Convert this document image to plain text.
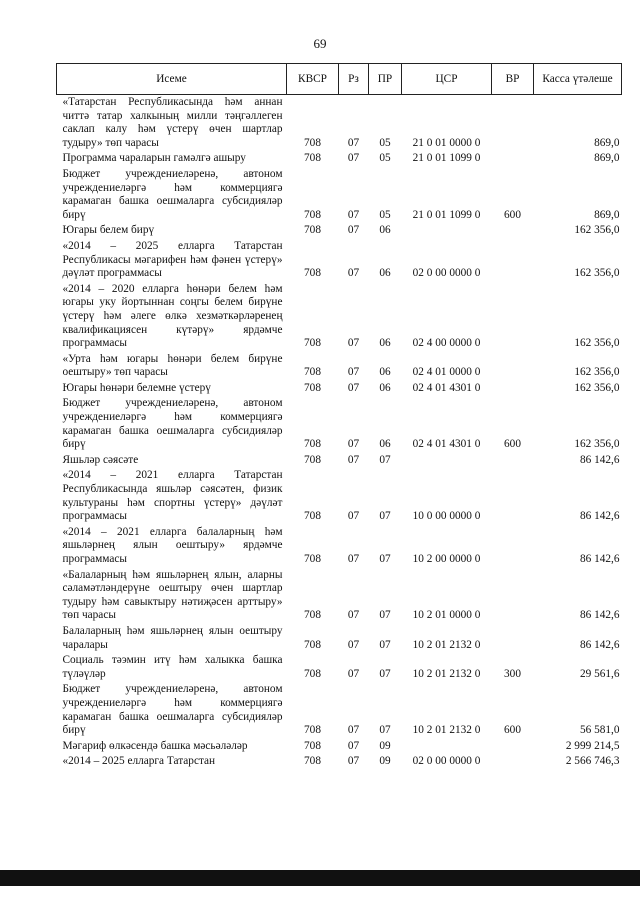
69
Исеме	КВСР	Рз	ПР	ЦСР	ВР	Касса үтәлеше
«Татарстан Республикасында һәм аннан читтә татар халкының милли тәңгәллеген саклап калу һәм үстерү өчен шартлар тудыру» төп чарасы	708	07	05	21 0 01 0000 0		869,0
Программа чараларын гамәлгә ашыру	708	07	05	21 0 01 1099 0		869,0
Бюджет учреждениеләренә, автоном учреждениеләргә һәм коммерциягә карамаган башка оешмаларга субсидияләр бирү	708	07	05	21 0 01 1099 0	600	869,0
Югары белем бирү	708	07	06			162 356,0
«2014 – 2025 елларга Татарстан Республикасы мәгарифен һәм фәнен үстерү» дәүләт программасы	708	07	06	02 0 00 0000 0		162 356,0
«2014 – 2020 елларга һөнәри белем һәм югары уку йортыннан соңгы белем бирүне үстерү һәм әлеге өлкә хезмәткәрләренең квалификациясен күтәрү» ярдәмче программасы	708	07	06	02 4 00 0000 0		162 356,0
«Урта һәм югары һөнәри белем бирүне оештыру» төп чарасы	708	07	06	02 4 01 0000 0		162 356,0
Югары һөнәри белемне үстерү	708	07	06	02 4 01 4301 0		162 356,0
Бюджет учреждениеләренә, автоном учреждениеләргә һәм коммерциягә карамаган башка оешмаларга субсидияләр бирү	708	07	06	02 4 01 4301 0	600	162 356,0
Яшьләр сәясәте	708	07	07			86 142,6
«2014 – 2021 елларга Татарстан Республикасында яшьләр сәясәтен, физик культураны һәм спортны үстерү» дәүләт программасы	708	07	07	10 0 00 0000 0		86 142,6
«2014 – 2021 елларга балаларның һәм яшьләрнең ялын оештыру» ярдәмче программасы	708	07	07	10 2 00 0000 0		86 142,6
«Балаларның һәм яшьләрнең ялын, аларны сәламәтләндерүне оештыру өчен шартлар тудыру һәм савыктыру нәтиҗәсен арттыру» төп чарасы	708	07	07	10 2 01 0000 0		86 142,6
Балаларның һәм яшьләрнең ялын оештыру чаралары	708	07	07	10 2 01 2132 0		86 142,6
Социаль тәэмин итү һәм халыкка башка түләүләр	708	07	07	10 2 01 2132 0	300	29 561,6
Бюджет учреждениеләренә, автоном учреждениеләргә һәм коммерциягә карамаган башка оешмаларга субсидияләр бирү	708	07	07	10 2 01 2132 0	600	56 581,0
Мәгариф өлкәсендә башка мәсьәләләр	708	07	09			2 999 214,5
«2014 – 2025 елларга Татарстан	708	07	09	02 0 00 0000 0		2 566 746,3
